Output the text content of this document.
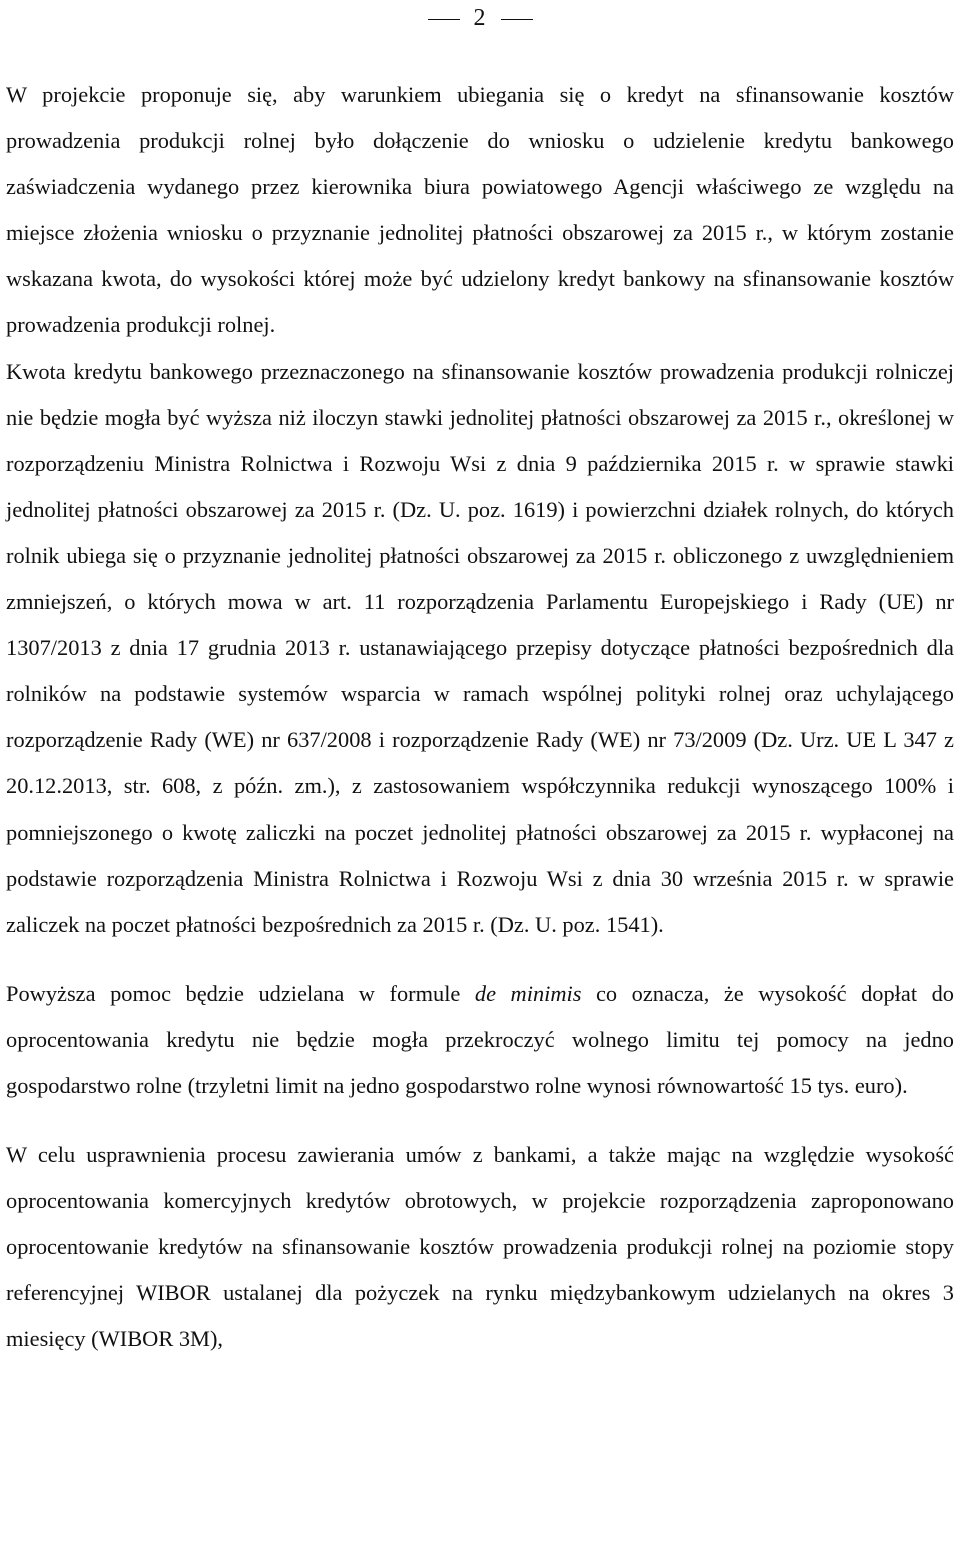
2

W projekcie proponuje się, aby warunkiem ubiegania się o kredyt na sfinansowanie kosztów prowadzenia produkcji rolnej było dołączenie do wniosku o udzielenie kredytu bankowego zaświadczenia wydanego przez kierownika biura powiatowego Agencji właściwego ze względu na miejsce złożenia wniosku o przyznanie jednolitej płatności obszarowej za 2015 r., w którym zostanie wskazana kwota, do wysokości której może być udzielony kredyt bankowy na sfinansowanie kosztów prowadzenia produkcji rolnej.

Kwota kredytu bankowego przeznaczonego na sfinansowanie kosztów prowadzenia produkcji rolniczej nie będzie mogła być wyższa niż iloczyn stawki jednolitej płatności obszarowej za 2015 r., określonej w rozporządzeniu Ministra Rolnictwa i Rozwoju Wsi z dnia 9 października 2015 r. w sprawie stawki jednolitej płatności obszarowej za 2015 r. (Dz. U. poz. 1619) i powierzchni działek rolnych, do których rolnik ubiega się o przyznanie jednolitej płatności obszarowej za 2015 r. obliczonego z uwzględnieniem zmniejszeń, o których mowa w art. 11 rozporządzenia Parlamentu Europejskiego i Rady (UE) nr 1307/2013 z dnia 17 grudnia 2013 r. ustanawiającego przepisy dotyczące płatności bezpośrednich dla rolników na podstawie systemów wsparcia w ramach wspólnej polityki rolnej oraz uchylającego rozporządzenie Rady (WE) nr 637/2008 i rozporządzenie Rady (WE) nr 73/2009 (Dz. Urz. UE L 347 z 20.12.2013, str. 608, z późn. zm.), z zastosowaniem współczynnika redukcji wynoszącego 100% i pomniejszonego o kwotę zaliczki na poczet jednolitej płatności obszarowej za 2015 r. wypłaconej na podstawie rozporządzenia Ministra Rolnictwa i Rozwoju Wsi z dnia 30 września 2015 r. w sprawie zaliczek na poczet płatności bezpośrednich za 2015 r. (Dz. U. poz. 1541).

Powyższa pomoc będzie udzielana w formule de minimis co oznacza, że wysokość dopłat do oprocentowania kredytu nie będzie mogła przekroczyć wolnego limitu tej pomocy na jedno gospodarstwo rolne (trzyletni limit na jedno gospodarstwo rolne wynosi równowartość 15 tys. euro).

W celu usprawnienia procesu zawierania umów z bankami, a także mając na względzie wysokość oprocentowania komercyjnych kredytów obrotowych, w projekcie rozporządzenia zaproponowano oprocentowanie kredytów na sfinansowanie kosztów prowadzenia produkcji rolnej na poziomie stopy referencyjnej WIBOR ustalanej dla pożyczek na rynku międzybankowym udzielanych na okres 3 miesięcy (WIBOR 3M),
